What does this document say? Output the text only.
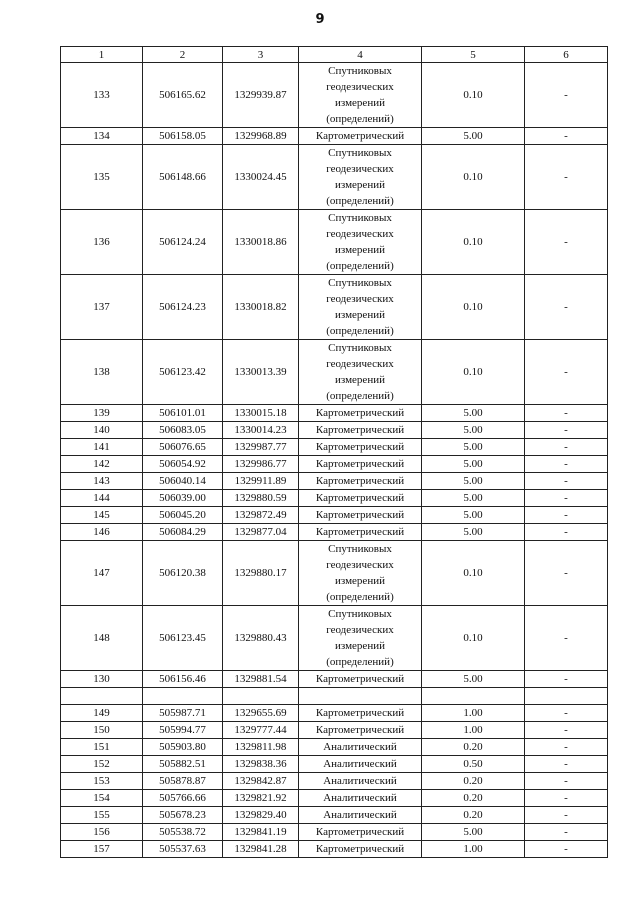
9
1	2	3	4	5	6
133	506165.62	1329939.87	Спутниковых геодезических измерений (определений)	0.10	-
134	506158.05	1329968.89	Картометрический	5.00	-
135	506148.66	1330024.45	Спутниковых геодезических измерений (определений)	0.10	-
136	506124.24	1330018.86	Спутниковых геодезических измерений (определений)	0.10	-
137	506124.23	1330018.82	Спутниковых геодезических измерений (определений)	0.10	-
138	506123.42	1330013.39	Спутниковых геодезических измерений (определений)	0.10	-
139	506101.01	1330015.18	Картометрический	5.00	-
140	506083.05	1330014.23	Картометрический	5.00	-
141	506076.65	1329987.77	Картометрический	5.00	-
142	506054.92	1329986.77	Картометрический	5.00	-
143	506040.14	1329911.89	Картометрический	5.00	-
144	506039.00	1329880.59	Картометрический	5.00	-
145	506045.20	1329872.49	Картометрический	5.00	-
146	506084.29	1329877.04	Картометрический	5.00	-
147	506120.38	1329880.17	Спутниковых геодезических измерений (определений)	0.10	-
148	506123.45	1329880.43	Спутниковых геодезических измерений (определений)	0.10	-
130	506156.46	1329881.54	Картометрический	5.00	-

149	505987.71	1329655.69	Картометрический	1.00	-
150	505994.77	1329777.44	Картометрический	1.00	-
151	505903.80	1329811.98	Аналитический	0.20	-
152	505882.51	1329838.36	Аналитический	0.50	-
153	505878.87	1329842.87	Аналитический	0.20	-
154	505766.66	1329821.92	Аналитический	0.20	-
155	505678.23	1329829.40	Аналитический	0.20	-
156	505538.72	1329841.19	Картометрический	5.00	-
157	505537.63	1329841.28	Картометрический	1.00	-
